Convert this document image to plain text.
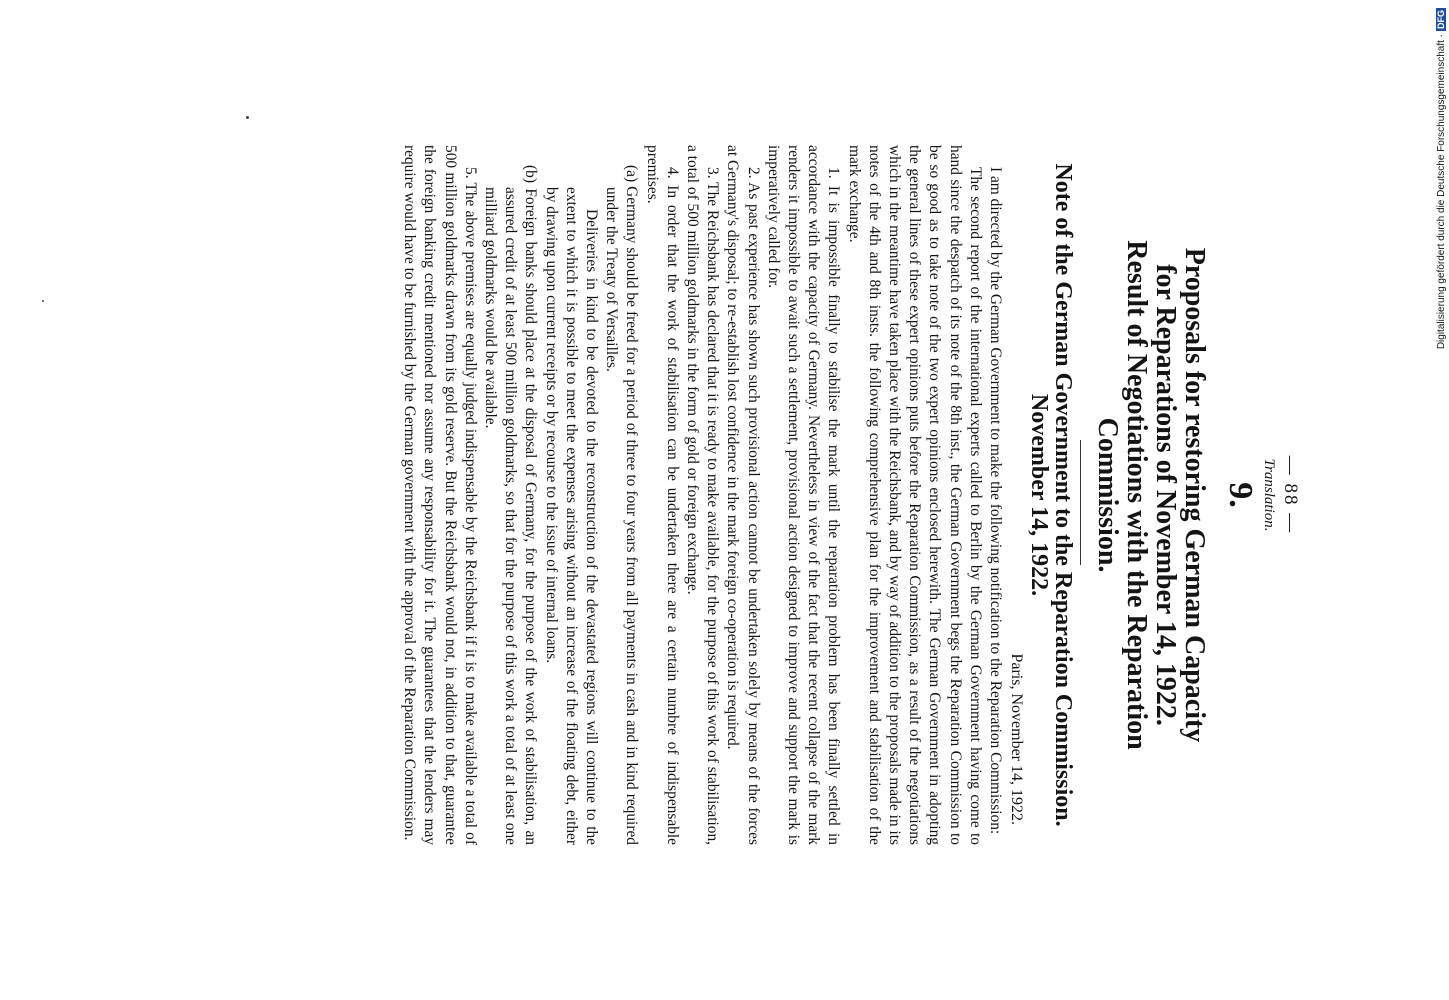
— 88 —
Translation.
9.
Proposals for restoring German Capacity
for Reparations of November 14, 1922.
Result of Negotiations with the Reparation
Commission.
Note of the German Government to the Reparation Commission.
November 14, 1922.
Paris, November 14, 1922.

I am directed by the German Government to make the following notification to the Reparation Commission:

The second report of the international experts called to Berlin by the German Government having come to hand since the despatch of its note of the 8th inst., the German Government begs the Reparation Commission to be so good as to take note of the two expert opinions enclosed herewith. The German Government in adopting the general lines of these expert opinions puts before the Reparation Commission, as a result of the negotiations which in the meantime have taken place with the Reichsbank, and by way of addition to the proposals made in its notes of the 4th and 8th insts. the following comprehensive plan for the improvement and stabilisation of the mark exchange.

1. It is impossible finally to stabilise the mark until the reparation problem has been finally settled in accordance with the capacity of Germany. Nevertheless in view of the fact that the recent collapse of the mark renders it impossible to await such a settlement, provisional action designed to improve and support the mark is imperatively called for.

2. As past experience has shown such provisional action cannot be undertaken solely by means of the forces at Germany's disposal; to re-establish lost confidence in the mark foreign co-operation is required.

3. The Reichsbank has declared that it is ready to make available, for the purpose of this work of stabilisation, a total of 500 million goldmarks in the form of gold or foreign exchange.

4. In order that the work of stabilisation can be undertaken there are a certain numbre of indispensable premises.

(a) Germany should be freed for a period of three to four years from all payments in cash and in kind required under the Treaty of Versailles.

Deliveries in kind to be devoted to the reconstruction of the devastated regions will continue to the extent to which it is possible to meet the expenses arising without an increase of the floating debt, either by drawing upon current receipts or by recourse to the issue of internal loans.

(b) Foreign banks should place at the disposal of Germany, for the purpose of the work of stabilisation, an assured credit of at least 500 million goldmarks, so that for the purpose of this work a total of at least one milliard goldmarks would be available.

5. The above premises are equally judged indispensable by the Reichsbank if it is to make available a total of 500 million goldmarks drawn from its gold reserve. But the Reichsbank would not, in addition to that, guarantee the foreign banking credit mentioned nor assume any responsability for it. The guarantees that the lenders may require would have to be furnished by the German government with the approval of the Reparation Commission.	Digitalisierung gefördert durch die Deutsche Forschungsgemeinschaft ·
DFG
